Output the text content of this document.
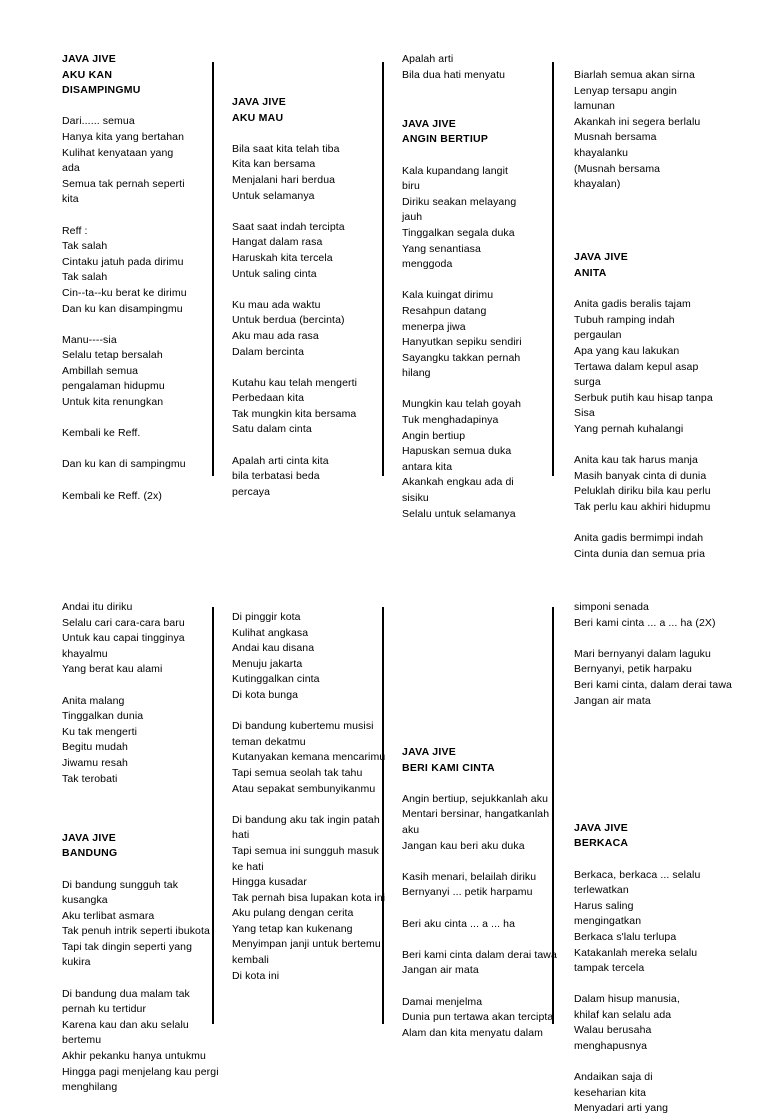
JAVA JIVE
AKU KAN
DISAMPINGMU
Dari...... semua
Hanya kita yang bertahan
Kulihat kenyataan yang
ada
Semua tak pernah seperti
kita
Reff :
Tak salah
Cintaku jatuh pada dirimu
Tak salah
Cin--ta--ku berat ke dirimu
Dan ku kan disampingmu
Manu----sia
Selalu tetap bersalah
Ambillah semua
pengalaman hidupmu
Untuk kita renungkan
Kembali ke Reff.
Dan ku kan di sampingmu
Kembali ke Reff. (2x)
JAVA JIVE
AKU MAU
Bila saat kita telah tiba
Kita kan bersama
Menjalani hari berdua
Untuk selamanya
Saat saat indah tercipta
Hangat dalam rasa
Haruskah kita tercela
Untuk saling cinta
Ku mau ada waktu
Untuk berdua (bercinta)
Aku mau ada rasa
Dalam bercinta
Kutahu kau telah mengerti
Perbedaan kita
Tak mungkin kita bersama
Satu dalam cinta
Apalah arti cinta kita
bila terbatasi beda
percaya
Apalah arti
Bila dua hati menyatu
JAVA JIVE
ANGIN BERTIUP
Kala kupandang langit
biru
Diriku seakan melayang
jauh
Tinggalkan segala duka
Yang senantiasa
menggoda
Kala kuingat dirimu
Resahpun datang
menerpa jiwa
Hanyutkan sepiku sendiri
Sayangku takkan pernah
hilang
Mungkin kau telah goyah
Tuk menghadapinya
Angin bertiup
Hapuskan semua duka
antara kita
Akankah engkau ada di
sisiku
Selalu untuk selamanya
Biarlah semua akan sirna
Lenyap tersapu angin
lamunan
Akankah ini segera berlalu
Musnah bersama
khayalanku
(Musnah bersama
khayalan)
JAVA JIVE
ANITA
Anita gadis beralis tajam
Tubuh ramping indah
pergaulan
Apa yang kau lakukan
Tertawa dalam kepul asap
surga
Serbuk putih kau hisap tanpa
Sisa
Yang pernah kuhalangi
Anita kau tak harus manja
Masih banyak cinta di dunia
Peluklah diriku bila kau perlu
Tak perlu kau akhiri hidupmu
Anita gadis bermimpi indah
Cinta dunia dan semua pria
Andai itu diriku
Selalu cari cara-cara baru
Untuk kau capai tingginya
khayalmu
Yang berat kau alami
Anita malang
Tinggalkan dunia
Ku tak mengerti
Begitu mudah
Jiwamu resah
Tak terobati
JAVA JIVE
BANDUNG
Di bandung sungguh tak
kusangka
Aku terlibat asmara
Tak penuh intrik seperti ibukota
Tapi tak dingin seperti yang
kukira
Di bandung dua malam tak
pernah ku tertidur
Karena kau dan aku selalu
bertemu
Akhir pekanku hanya untukmu
Hingga pagi menjelang kau pergi
menghilang
Di pinggir kota
Kulihat angkasa
Andai kau disana
Menuju jakarta
Kutinggalkan cinta
Di kota bunga
Di bandung kubertemu musisi
teman dekatmu
Kutanyakan kemana mencarimu
Tapi semua seolah tak tahu
Atau sepakat sembunyikanmu
Di bandung aku tak ingin patah
hati
Tapi semua ini sungguh masuk
ke hati
Hingga kusadar
Tak pernah bisa lupakan kota ini
Aku pulang dengan cerita
Yang tetap kan kukenang
Menyimpan janji untuk bertemu
kembali
Di kota ini
JAVA JIVE
BERI KAMI CINTA
Angin bertiup, sejukkanlah aku
Mentari bersinar, hangatkanlah
aku
Jangan kau beri aku duka
Kasih menari, belailah diriku
Bernyanyi ... petik harpamu
Beri aku cinta ... a ... ha
Beri kami cinta dalam derai tawa
Jangan air mata
Damai menjelma
Dunia pun tertawa akan tercipta
Alam dan kita menyatu dalam
simponi senada
Beri kami cinta ... a ... ha (2X)
Mari bernyanyi dalam laguku
Bernyanyi, petik harpaku
Beri kami cinta, dalam derai tawa
Jangan air mata
JAVA JIVE
BERKACA
Berkaca, berkaca ... selalu
terlewatkan
Harus saling
mengingatkan
Berkaca s'lalu terlupa
Katakanlah mereka selalu
tampak tercela
Dalam hisup manusia,
khilaf kan selalu ada
Walau berusaha
menghapusnya
Andaikan saja di
keseharian kita
Menyadari arti yang
